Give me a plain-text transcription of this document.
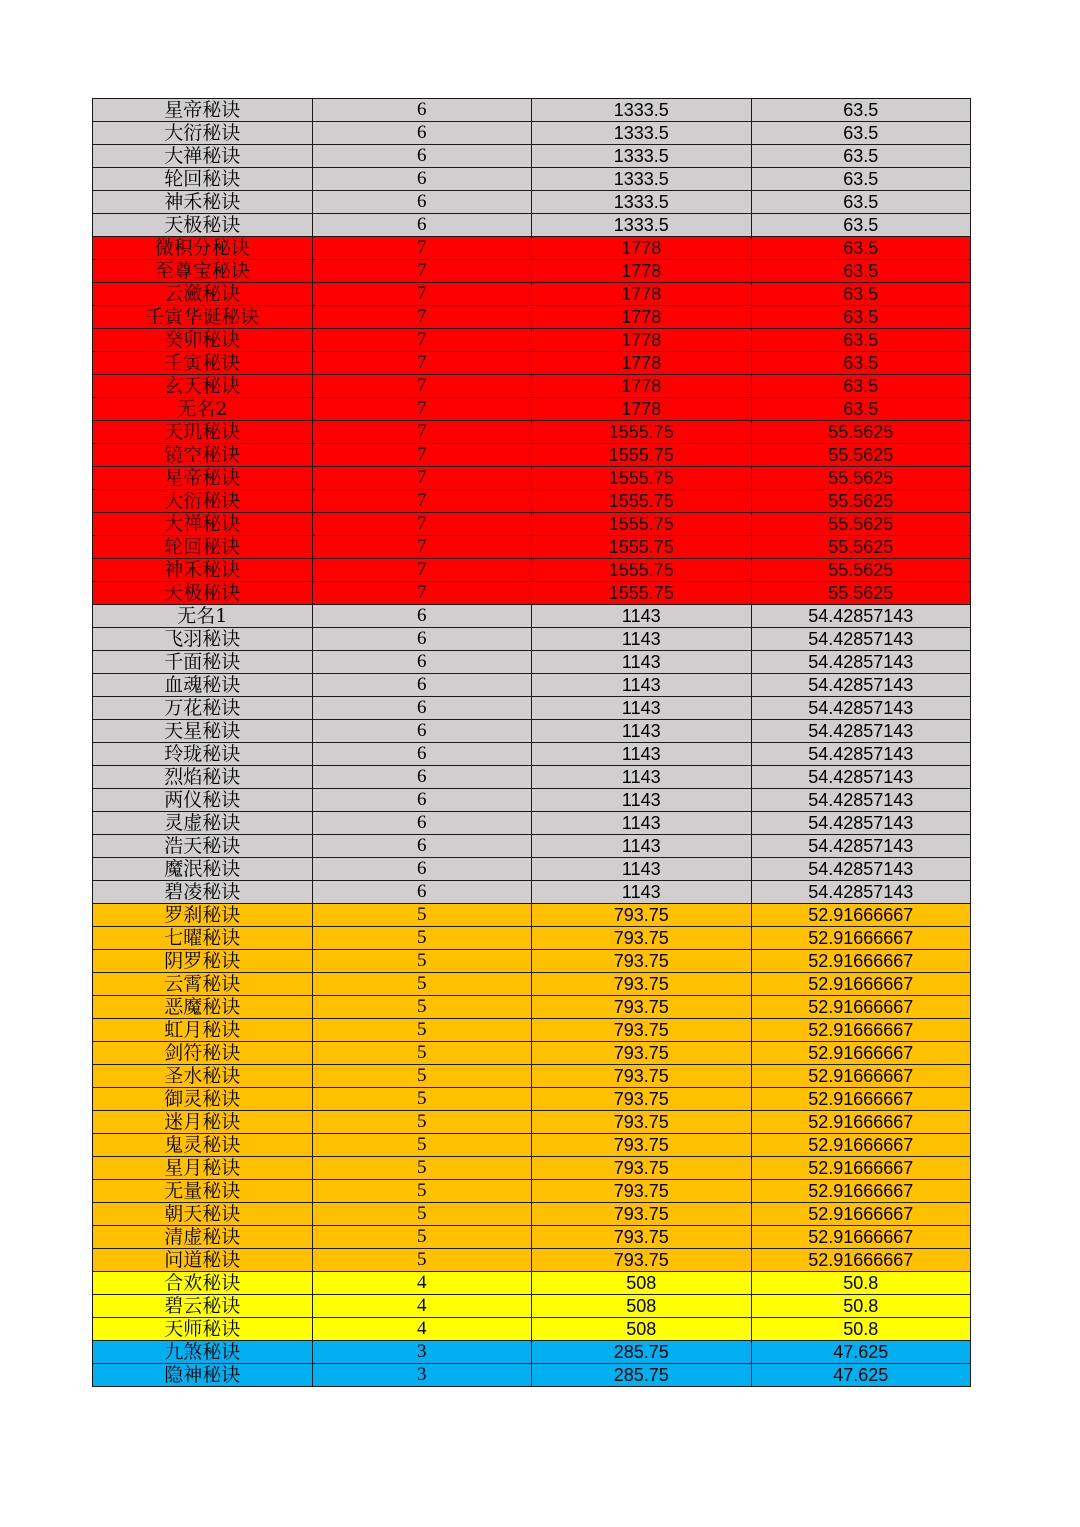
星帝秘诀	6	1333.5	63.5
大衍秘诀	6	1333.5	63.5
大禅秘诀	6	1333.5	63.5
轮回秘诀	6	1333.5	63.5
神禾秘诀	6	1333.5	63.5
天极秘诀	6	1333.5	63.5
微积分秘诀	7	1778	63.5
至尊宝秘诀	7	1778	63.5
云瀲秘诀	7	1778	63.5
壬寅华诞秘诀	7	1778	63.5
癸卯秘诀	7	1778	63.5
壬寅秘诀	7	1778	63.5
玄天秘诀	7	1778	63.5
无名2	7	1778	63.5
天玑秘诀	7	1555.75	55.5625
镜空秘诀	7	1555.75	55.5625
星帝秘诀	7	1555.75	55.5625
大衍秘诀	7	1555.75	55.5625
大禅秘诀	7	1555.75	55.5625
轮回秘诀	7	1555.75	55.5625
神禾秘诀	7	1555.75	55.5625
天极秘诀	7	1555.75	55.5625
无名1	6	1143	54.42857143
飞羽秘诀	6	1143	54.42857143
千面秘诀	6	1143	54.42857143
血魂秘诀	6	1143	54.42857143
万花秘诀	6	1143	54.42857143
天星秘诀	6	1143	54.42857143
玲珑秘诀	6	1143	54.42857143
烈焰秘诀	6	1143	54.42857143
两仪秘诀	6	1143	54.42857143
灵虚秘诀	6	1143	54.42857143
浩天秘诀	6	1143	54.42857143
魔泯秘诀	6	1143	54.42857143
碧凌秘诀	6	1143	54.42857143
罗刹秘诀	5	793.75	52.91666667
七曜秘诀	5	793.75	52.91666667
阴罗秘诀	5	793.75	52.91666667
云霄秘诀	5	793.75	52.91666667
恶魔秘诀	5	793.75	52.91666667
虹月秘诀	5	793.75	52.91666667
剑符秘诀	5	793.75	52.91666667
圣水秘诀	5	793.75	52.91666667
御灵秘诀	5	793.75	52.91666667
迷月秘诀	5	793.75	52.91666667
鬼灵秘诀	5	793.75	52.91666667
星月秘诀	5	793.75	52.91666667
无量秘诀	5	793.75	52.91666667
朝天秘诀	5	793.75	52.91666667
清虚秘诀	5	793.75	52.91666667
问道秘诀	5	793.75	52.91666667
合欢秘诀	4	508	50.8
碧云秘诀	4	508	50.8
天师秘诀	4	508	50.8
九煞秘诀	3	285.75	47.625
隐神秘诀	3	285.75	47.625
